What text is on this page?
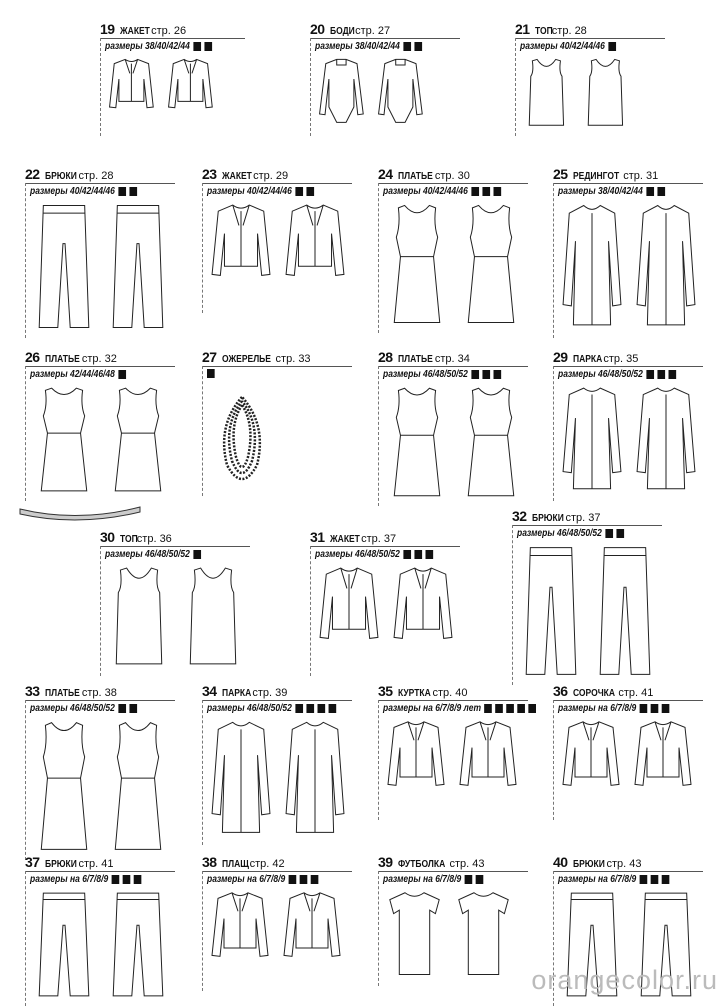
19 ЖАКЕТстр. 26
размеры 38/40/42/44
20 БОДИстр. 27
размеры 38/40/42/44
21 ТОПстр. 28
размеры 40/42/44/46
22 БРЮКИстр. 28
размеры 40/42/44/46
23 ЖАКЕТстр. 29
размеры 40/42/44/46
24 ПЛАТЬЕстр. 30
размеры 40/42/44/46
25 РЕДИНГОТстр. 31
размеры 38/40/42/44
26 ПЛАТЬЕстр. 32
размеры 42/44/46/48
27 ОЖЕРЕЛЬЕстр. 33	28 ПЛАТЬЕстр. 34
размеры 46/48/50/52
29 ПАРКАстр. 35
размеры 46/48/50/52
30 ТОПстр. 36
размеры 46/48/50/52
31 ЖАКЕТстр. 37
размеры 46/48/50/52
32 БРЮКИстр. 37
размеры 46/48/50/52
33 ПЛАТЬЕстр. 38
размеры 46/48/50/52
34 ПАРКАстр. 39
размеры 46/48/50/52
35 КУРТКАстр. 40
размеры на 6/7/8/9 лет
36 СОРОЧКАстр. 41
размеры на 6/7/8/9
37 БРЮКИстр. 41
размеры на 6/7/8/9
38 ПЛАЩстр. 42
размеры на 6/7/8/9
39 ФУТБОЛКАстр. 43
размеры на 6/7/8/9
40 БРЮКИстр. 43
размеры на 6/7/8/9
orangecolor.ru
